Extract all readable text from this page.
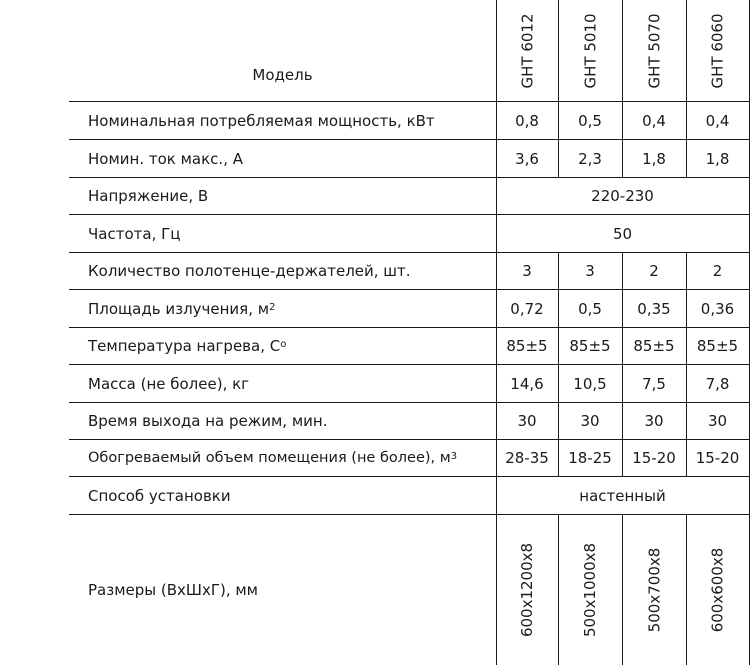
Модель	GHT 6012	GHT 5010	GHT 5070	GHT 6060
Номинальная потребляемая мощность, кВт	0,8	0,5	0,4	0,4
Номин. ток макс., А	3,6	2,3	1,8	1,8
Напряжение, В	220-230
Частота, Гц	50
Количество полотенце-держателей, шт.	3	3	2	2
Площадь излучения, $м^2$	0,72	0,5	0,35	0,36
Температура нагрева, $С^o$	85±5	85±5	85±5	85±5
Масса (не более), кг	14,6	10,5	7,5	7,8
Время выхода на режим, мин.	30	30	30	30
Обогреваемый объем помещения (не более), $м^3$	28-35	18-25	15-20	15-20
Способ установки	настенный
Размеры (ВхШхГ), мм	600х1200х8	500х1000х8	500х700х8	600х600х8
